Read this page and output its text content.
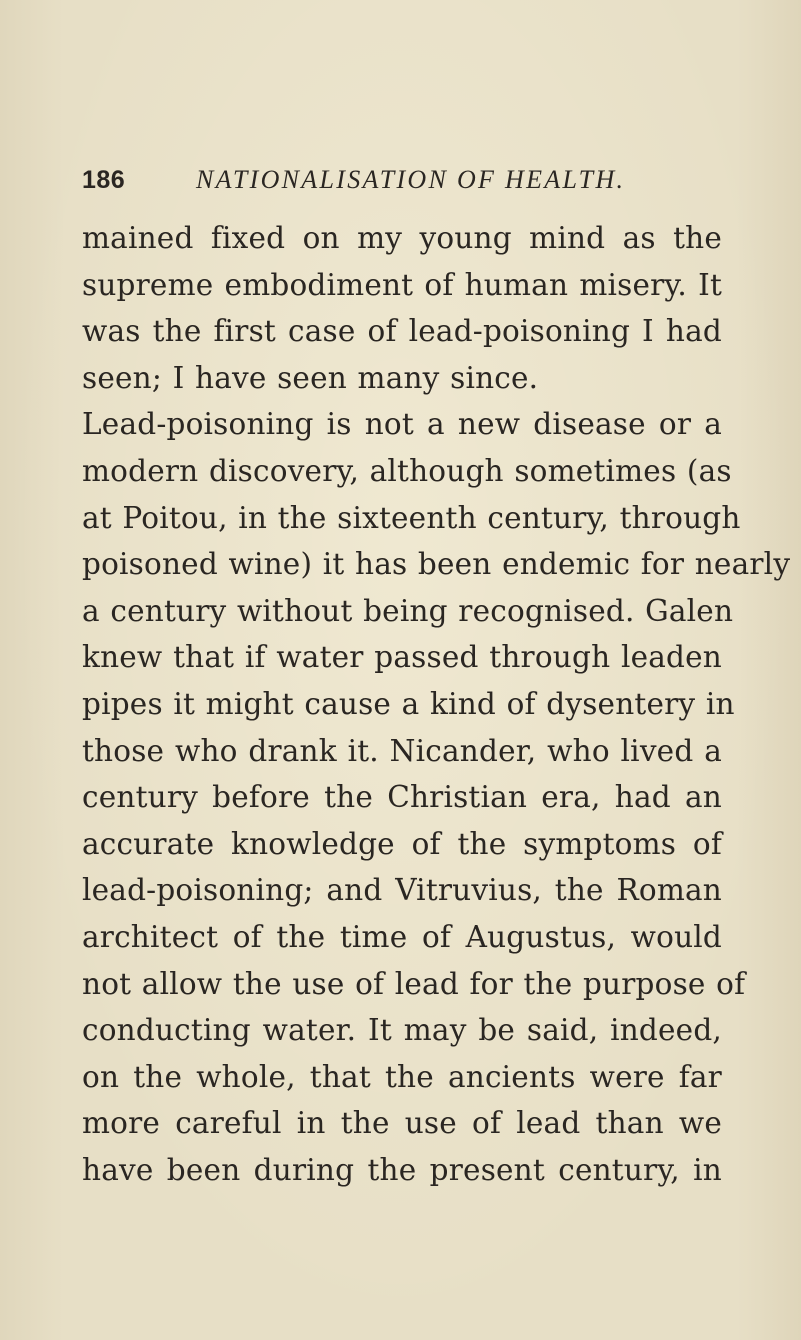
186	NATIONALISATION OF HEALTH.
mained fixed on my young mind as the
supreme embodiment of human misery. It
was the first case of lead-poisoning I had
seen; I have seen many since.
Lead-poisoning is not a new disease or a
modern discovery, although sometimes (as
at Poitou, in the sixteenth century, through
poisoned wine) it has been endemic for nearly
a century without being recognised. Galen
knew that if water passed through leaden
pipes it might cause a kind of dysentery in
those who drank it. Nicander, who lived a
century before the Christian era, had an
accurate knowledge of the symptoms of
lead-poisoning; and Vitruvius, the Roman
architect of the time of Augustus, would
not allow the use of lead for the purpose of
conducting water. It may be said, indeed,
on the whole, that the ancients were far
more careful in the use of lead than we
have been during the present century, in
